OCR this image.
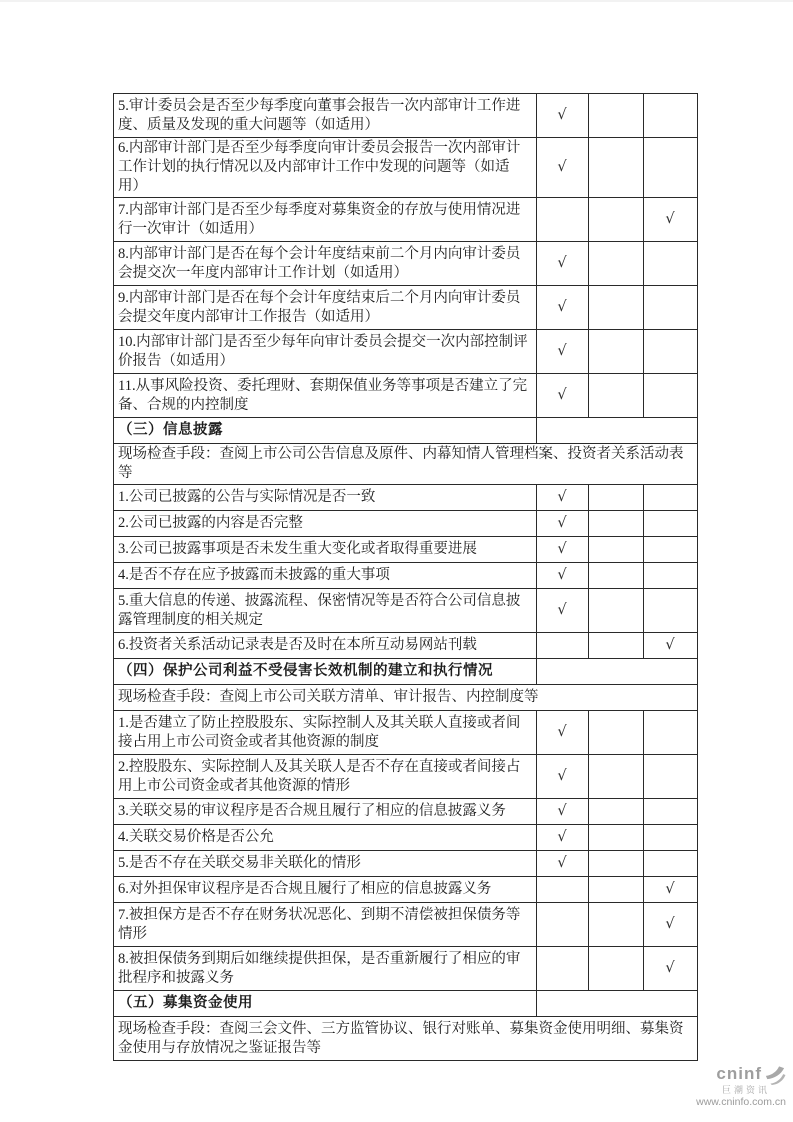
5.审计委员会是否至少每季度向董事会报告一次内部审计工作进度、质量及发现的重大问题等（如适用）	√		
6.内部审计部门是否至少每季度向审计委员会报告一次内部审计工作计划的执行情况以及内部审计工作中发现的问题等（如适用）	√		
7.内部审计部门是否至少每季度对募集资金的存放与使用情况进行一次审计（如适用）			√
8.内部审计部门是否在每个会计年度结束前二个月内向审计委员会提交次一年度内部审计工作计划（如适用）	√		
9.内部审计部门是否在每个会计年度结束后二个月内向审计委员会提交年度内部审计工作报告（如适用）	√		
10.内部审计部门是否至少每年向审计委员会提交一次内部控制评价报告（如适用）	√		
11.从事风险投资、委托理财、套期保值业务等事项是否建立了完备、合规的内控制度	√		
（三）信息披露			
现场检查手段：查阅上市公司公告信息及原件、内幕知情人管理档案、投资者关系活动表等			
1.公司已披露的公告与实际情况是否一致	√		
2.公司已披露的内容是否完整	√		
3.公司已披露事项是否未发生重大变化或者取得重要进展	√		
4.是否不存在应予披露而未披露的重大事项	√		
5.重大信息的传递、披露流程、保密情况等是否符合公司信息披露管理制度的相关规定	√		
6.投资者关系活动记录表是否及时在本所互动易网站刊载			√
（四）保护公司利益不受侵害长效机制的建立和执行情况			
现场检查手段：查阅上市公司关联方清单、审计报告、内控制度等			
1.是否建立了防止控股股东、实际控制人及其关联人直接或者间接占用上市公司资金或者其他资源的制度	√		
2.控股股东、实际控制人及其关联人是否不存在直接或者间接占用上市公司资金或者其他资源的情形	√		
3.关联交易的审议程序是否合规且履行了相应的信息披露义务	√		
4.关联交易价格是否公允	√		
5.是否不存在关联交易非关联化的情形	√		
6.对外担保审议程序是否合规且履行了相应的信息披露义务			√
7.被担保方是否不存在财务状况恶化、到期不清偿被担保债务等情形			√
8.被担保债务到期后如继续提供担保，是否重新履行了相应的审批程序和披露义务			√
（五）募集资金使用			
现场检查手段：查阅三会文件、三方监管协议、银行对账单、募集资金使用明细、募集资金使用与存放情况之鉴证报告等			
cninf
巨潮资讯
www.cninfo.com.cn
